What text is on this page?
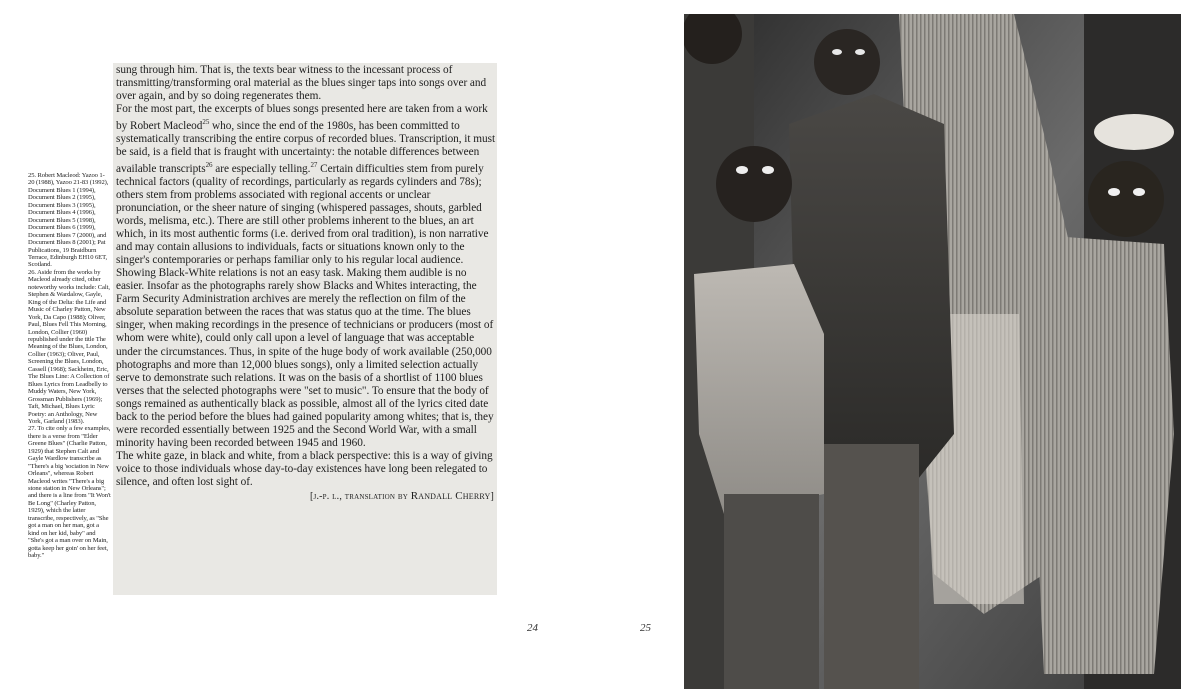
25. Robert Macleod: Yazoo 1-20 (1988), Yazoo 21-83 (1992), Document Blues 1 (1994), Document Blues 2 (1995), Document Blues 3 (1995), Document Blues 4 (1996), Document Blues 5 (1998), Document Blues 6 (1999), Document Blues 7 (2000), and Document Blues 8 (2001); Pat Publications, 19 Braidburn Terrace, Edinburgh EH10 6ET, Scotland.
26. Aside from the works by Macleod already cited, other noteworthy works include: Calt, Stephen & Wardalow, Gayle, King of the Delta: the Life and Music of Charley Patton, New York, Da Capo (1988); Oliver, Paul, Blues Fell This Morning, London, Collier (1960) republished under the title The Meaning of the Blues, London, Collier (1963); Oliver, Paul, Screening the Blues, London, Cassell (1968); Sackheim, Eric, The Blues Line: A Collection of Blues Lyrics from Leadbelly to Muddy Waters, New York, Grossman Publishers (1969); Taft, Michael, Blues Lyric Poetry: an Anthology, New York, Garland (1983).
27. To cite only a few examples, there is a verse from "Elder Greene Blues" (Charlie Patton, 1929) that Stephen Calt and Gayle Wardlow transcribe as "There's a big 'sociation in New Orleans", whereas Robert Macleod writes "There's a big stone station in New Orleans"; and there is a line from "It Won't Be Long" (Charley Patton, 1929), which the latter transcribe, respectively, as "She got a man on her man, got a kind on her kid, baby" and "She's got a man over on Main, gotta keep her goin' on her feet, baby."

sung through him. That is, the texts bear witness to the incessant process of transmitting/transforming oral material as the blues singer taps into songs over and over again, and by so doing regenerates them.

For the most part, the excerpts of blues songs presented here are taken from a work by Robert Macleod$^{25}$ who, since the end of the 1980s, has been committed to systematically transcribing the entire corpus of recorded blues. Transcription, it must be said, is a field that is fraught with uncertainty: the notable differences between available transcripts$^{26}$ are especially telling.$^{27}$ Certain difficulties stem from purely technical factors (quality of recordings, particularly as regards cylinders and 78s); others stem from problems associated with regional accents or unclear pronunciation, or the sheer nature of singing (whispered passages, shouts, garbled words, melisma, etc.). There are still other problems inherent to the blues, an art which, in its most authentic forms (i.e. derived from oral tradition), is non narrative and may contain allusions to individuals, facts or situations known only to the singer's contemporaries or perhaps familiar only to his regular local audience.

Showing Black-White relations is not an easy task. Making them audible is no easier. Insofar as the photographs rarely show Blacks and Whites interacting, the Farm Security Administration archives are merely the reflection on film of the absolute separation between the races that was status quo at the time. The blues singer, when making recordings in the presence of technicians or producers (most of whom were white), could only call upon a level of language that was acceptable under the circumstances. Thus, in spite of the huge body of work available (250,000 photographs and more than 12,000 blues songs), only a limited selection actually serve to demonstrate such relations. It was on the basis of a shortlist of 1100 blues verses that the selected photographs were "set to music". To ensure that the body of songs remained as authentically black as possible, almost all of the lyrics cited date back to the period before the blues had gained popularity among whites; that is, they were recorded essentially between 1925 and the Second World War, with a small minority having been recorded between 1945 and 1960.

The white gaze, in black and white, from a black perspective: this is a way of giving voice to those individuals whose day-to-day existences have long been relegated to silence, and often lost sight of.

[j.-p. l., translation by Randall Cherry]
24	25
